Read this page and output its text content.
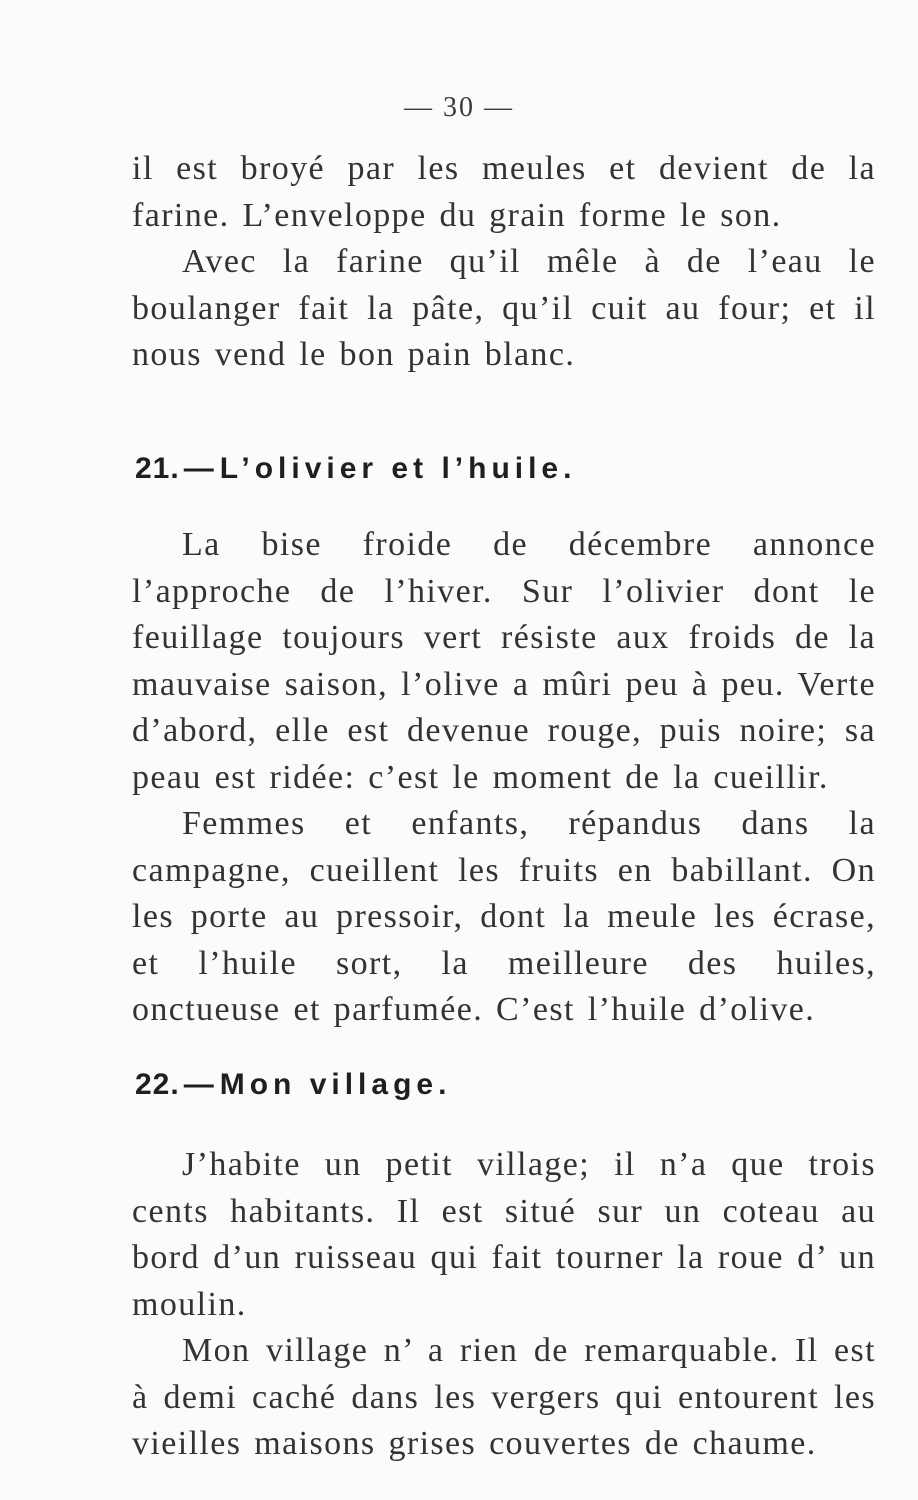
— 30 —

il est broyé par les meules et devient de la farine. L’enveloppe du grain forme le son.

Avec la farine qu’il mêle à de l’eau le boulanger fait la pâte, qu’il cuit au four; et il nous vend le bon pain blanc.

21. — L’olivier et l’huile.

La bise froide de décembre annonce l’approche de l’hiver. Sur l’olivier dont le feuillage toujours vert résiste aux froids de la mauvaise saison, l’olive a mûri peu à peu. Verte d’abord, elle est devenue rouge, puis noire; sa peau est ridée: c’est le moment de la cueillir.

Femmes et enfants, répandus dans la campagne, cueillent les fruits en babillant. On les porte au pressoir, dont la meule les écrase, et l’huile sort, la meilleure des huiles, onctueuse et parfumée. C’est l’huile d’olive.

22. — Mon village.

J’habite un petit village; il n’a que trois cents habitants. Il est situé sur un coteau au bord d’un ruisseau qui fait tourner la roue d’ un moulin.

Mon village n’ a rien de remarquable. Il est à demi caché dans les vergers qui entourent les vieilles maisons grises couvertes de chaume.
